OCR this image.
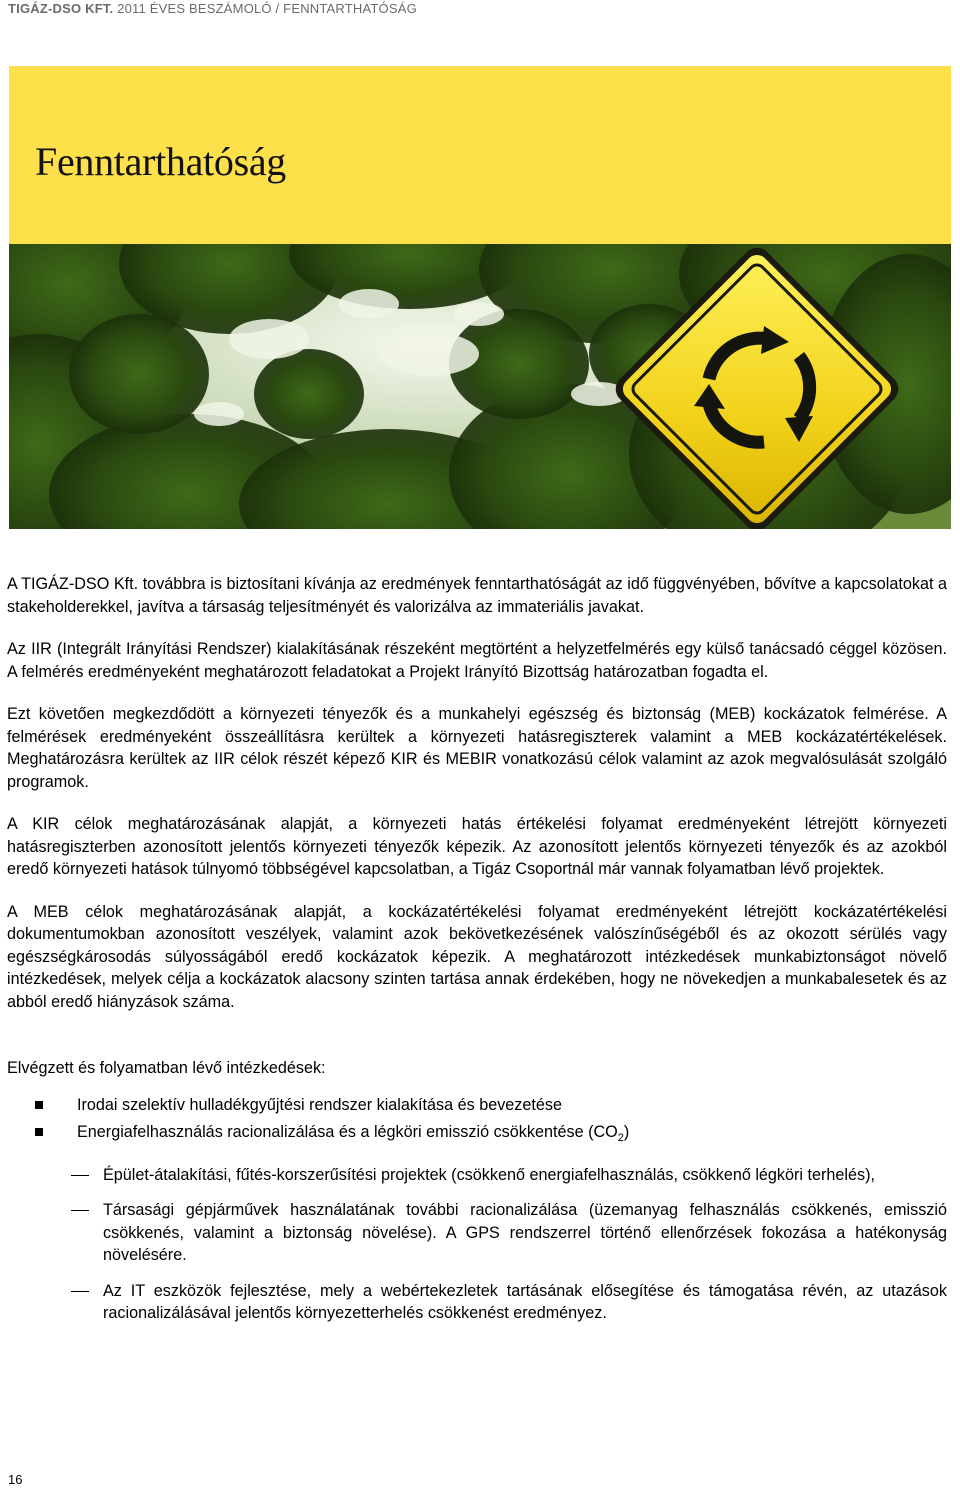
TIGÁZ-DSO KFT. 2011 ÉVES BESZÁMOLÓ / FENNTARTHATÓSÁG
Fenntarthatóság

A TIGÁZ-DSO Kft. továbbra is biztosítani kívánja az eredmények fenntarthatóságát az idő függvényében, bővítve a kapcsolatokat a stakeholderekkel, javítva a társaság teljesítményét és valorizálva az immateriális javakat.

Az IIR (Integrált Irányítási Rendszer) kialakításának részeként megtörtént a helyzetfelmérés egy külső tanácsadó céggel közösen. A felmérés eredményeként meghatározott feladatokat a Projekt Irányító Bizottság határozatban fogadta el.

Ezt követően megkezdődött a környezeti tényezők és a munkahelyi egészség és biztonság (MEB) kockázatok felmérése. A felmérések eredményeként összeállításra kerültek a környezeti hatásregiszterek valamint a MEB kockázatértékelések. Meghatározásra kerültek az IIR célok részét képező KIR és MEBIR vonatkozású célok valamint az azok megvalósulását szolgáló programok.

A KIR célok meghatározásának alapját, a környezeti hatás értékelési folyamat eredményeként létrejött környezeti hatásregiszterben azonosított jelentős környezeti tényezők képezik. Az azonosított jelentős környezeti tényezők és az azokból eredő környezeti hatások túlnyomó többségével kapcsolatban, a Tigáz Csoportnál már vannak folyamatban lévő projektek.

A MEB célok meghatározásának alapját, a kockázatértékelési folyamat eredményeként létrejött kockázatértékelési dokumentumokban azonosított veszélyek, valamint azok bekövetkezésének valószínűségéből és az okozott sérülés vagy egészségkárosodás súlyosságából eredő kockázatok képezik. A meghatározott intézkedések munkabiztonságot növelő intézkedések, melyek célja a kockázatok alacsony szinten tartása annak érdekében, hogy ne növekedjen a munkabalesetek és az abból eredő hiányzások száma.

Elvégzett és folyamatban lévő intézkedések:
Irodai szelektív hulladékgyűjtési rendszer kialakítása és bevezetése
Energiafelhasználás racionalizálása és a légköri emisszió csökkentése $(CO_2)$
Épület-átalakítási, fűtés-korszerűsítési projektek (csökkenő energiafelhasználás, csökkenő légköri terhelés),
Társasági gépjárművek használatának további racionalizálása (üzemanyag felhasználás csökkenés, emisszió csökkenés, valamint a biztonság növelése). A GPS rendszerrel történő ellenőrzések fokozása a hatékonyság növelésére.
Az IT eszközök fejlesztése, mely a webértekezletek tartásának elősegítése és támogatása révén, az utazások racionalizálásával jelentős környezetterhelés csökkenést eredményez.
16
